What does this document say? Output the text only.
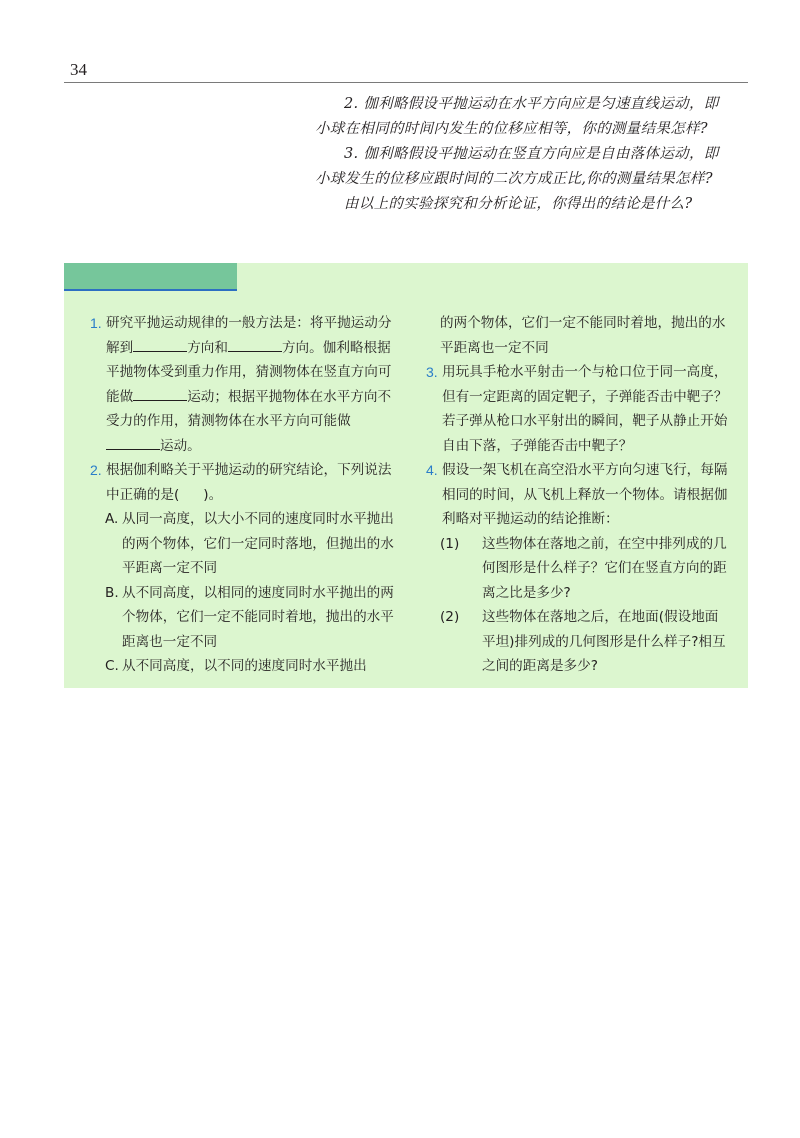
34

2. 伽利略假设平抛运动在水平方向应是匀速直线运动，即
小球在相同的时间内发生的位移应相等，你的测量结果怎样?

3. 伽利略假设平抛运动在竖直方向应是自由落体运动，即
小球发生的位移应跟时间的二次方成正比,你的测量结果怎样?

由以上的实验探究和分析论证，你得出的结论是什么?

1. 研究平抛运动规律的一般方法是：将平抛运动分解到	方向和	方向。伽利略根据平抛物体受到重力作用，猜测物体在竖直方向可能做	运动；根据平抛物体在水平方向不受力的作用，猜测物体在水平方向可能做运动。
2. 根据伽利略关于平抛运动的研究结论，下列说法中正确的是( )。
A. 从同一高度，以大小不同的速度同时水平抛出的两个物体，它们一定同时落地，但抛出的水平距离一定不同
B. 从不同高度，以相同的速度同时水平抛出的两个物体，它们一定不能同时着地，抛出的水平距离也一定不同
C. 从不同高度，以不同的速度同时水平抛出
的两个物体，它们一定不能同时着地，抛出的水平距离也一定不同
3. 用玩具手枪水平射击一个与枪口位于同一高度，但有一定距离的固定靶子，子弹能否击中靶子？若子弹从枪口水平射出的瞬间，靶子从静止开始自由下落，子弹能否击中靶子？
4. 假设一架飞机在高空沿水平方向匀速飞行，每隔相同的时间，从飞机上释放一个物体。请根据伽利略对平抛运动的结论推断：
(1) 这些物体在落地之前，在空中排列成的几何图形是什么样子？它们在竖直方向的距离之比是多少?
(2) 这些物体在落地之后，在地面(假设地面平坦)排列成的几何图形是什么样子?相互之间的距离是多少?
